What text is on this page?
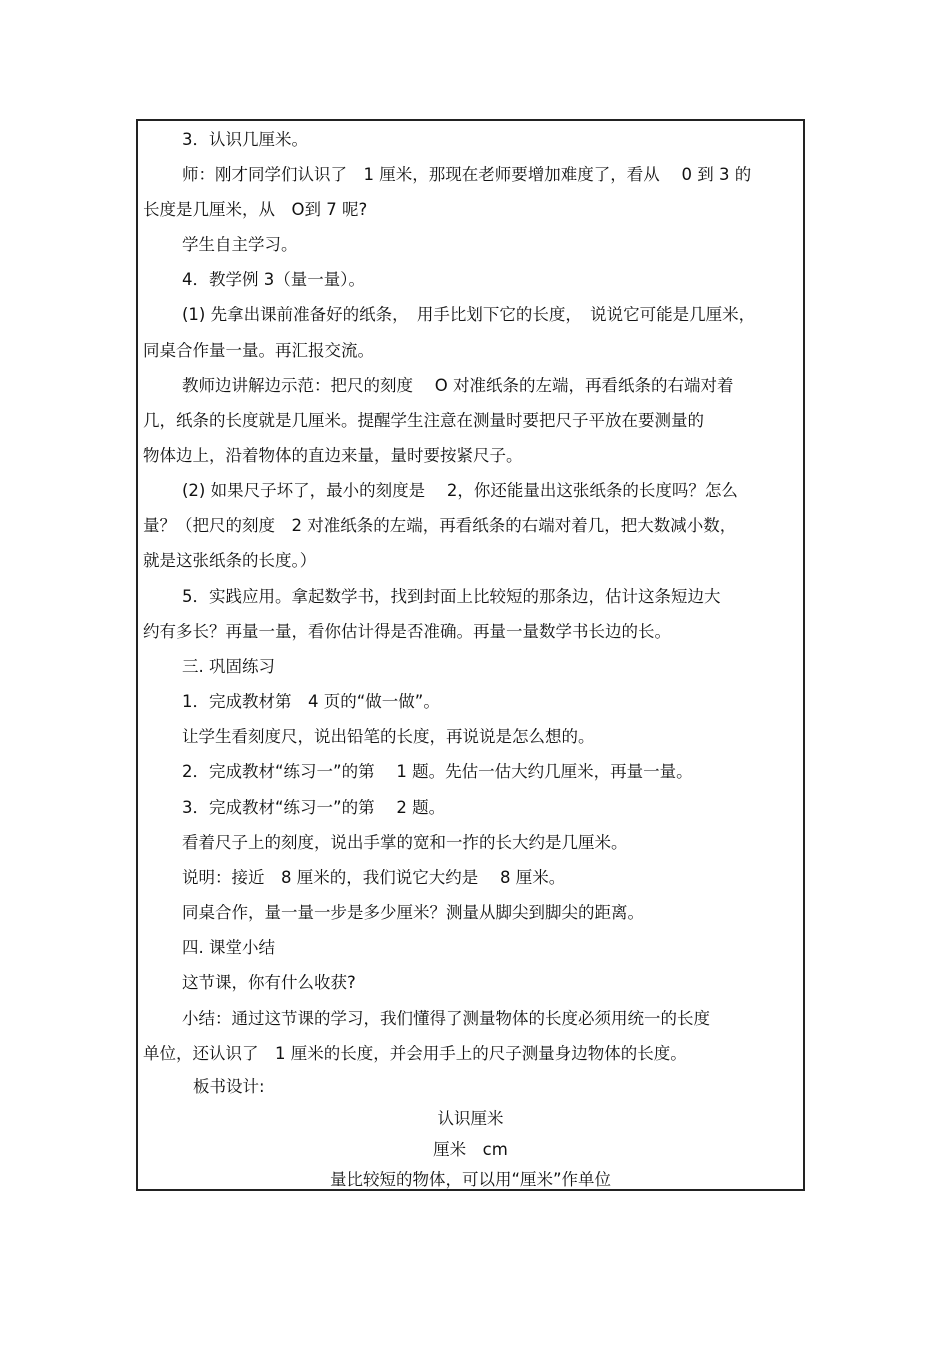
3．认识几厘米。
师：刚才同学们认识了　1 厘米，那现在老师要增加难度了，看从　 0 到 3 的
长度是几厘米，从　O到 7 呢?
学生自主学习。
4．教学例 3（量一量）。
(1) 先拿出课前准备好的纸条，　用手比划下它的长度，　说说它可能是几厘米，
同桌合作量一量。再汇报交流。
教师边讲解边示范：把尺的刻度　 O 对准纸条的左端，再看纸条的右端对着
几，纸条的长度就是几厘米。提醒学生注意在测量时要把尺子平放在要测量的
物体边上，沿着物体的直边来量，量时要按紧尺子。
(2) 如果尺子坏了，最小的刻度是　 2，你还能量出这张纸条的长度吗？怎么
量？（把尺的刻度　2 对准纸条的左端，再看纸条的右端对着几，把大数减小数，
就是这张纸条的长度。）
5．实践应用。拿起数学书，找到封面上比较短的那条边，估计这条短边大
约有多长？再量一量，看你估计得是否准确。再量一量数学书长边的长。
三. 巩固练习
1．完成教材第　4 页的“做一做”。
让学生看刻度尺，说出铅笔的长度，再说说是怎么想的。
2．完成教材“练习一”的第　 1 题。先估一估大约几厘米，再量一量。
3．完成教材“练习一”的第　 2 题。
看着尺子上的刻度，说出手掌的宽和一拃的长大约是几厘米。
说明：接近　8 厘米的，我们说它大约是　 8 厘米。
同桌合作，量一量一步是多少厘米？测量从脚尖到脚尖的距离。
四. 课堂小结
这节课，你有什么收获?
小结：通过这节课的学习，我们懂得了测量物体的长度必须用统一的长度
单位，还认识了　1 厘米的长度，并会用手上的尺子测量身边物体的长度。
板书设计:
认识厘米
厘米　cm
量比较短的物体，可以用“厘米”作单位
